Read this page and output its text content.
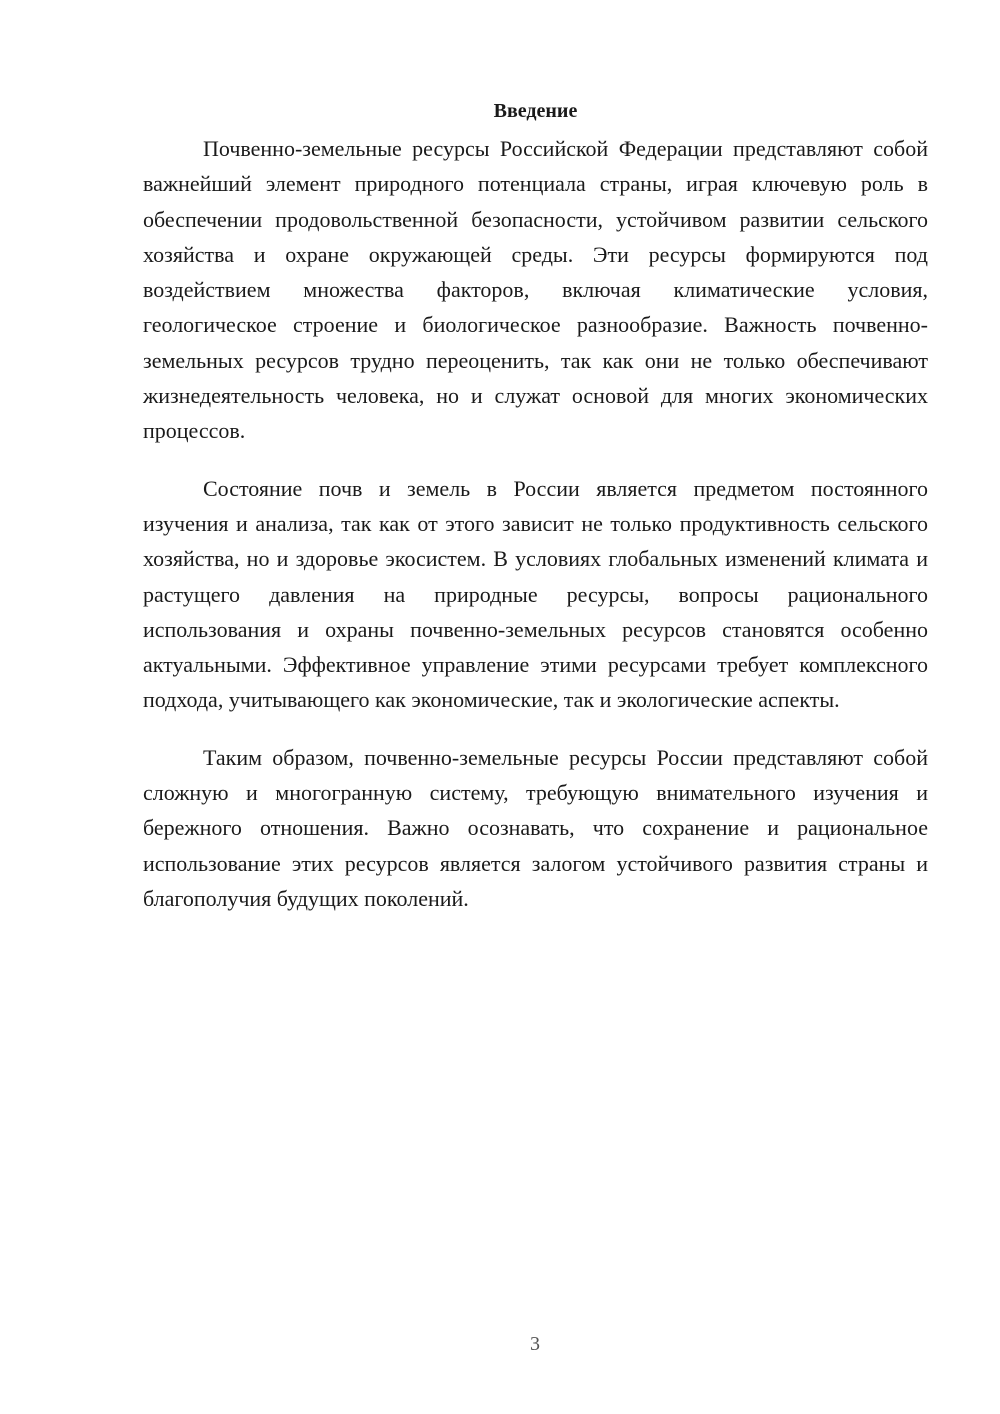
Введение

Почвенно-земельные ресурсы Российской Федерации представляют собой важнейший элемент природного потенциала страны, играя ключевую роль в обеспечении продовольственной безопасности, устойчивом развитии сельского хозяйства и охране окружающей среды. Эти ресурсы формируются под воздействием множества факторов, включая климатические условия, геологическое строение и биологическое разнообразие. Важность почвенно-земельных ресурсов трудно переоценить, так как они не только обеспечивают жизнедеятельность человека, но и служат основой для многих экономических процессов.

Состояние почв и земель в России является предметом постоянного изучения и анализа, так как от этого зависит не только продуктивность сельского хозяйства, но и здоровье экосистем. В условиях глобальных изменений климата и растущего давления на природные ресурсы, вопросы рационального использования и охраны почвенно-земельных ресурсов становятся особенно актуальными. Эффективное управление этими ресурсами требует комплексного подхода, учитывающего как экономические, так и экологические аспекты.

Таким образом, почвенно-земельные ресурсы России представляют собой сложную и многогранную систему, требующую внимательного изучения и бережного отношения. Важно осознавать, что сохранение и рациональное использование этих ресурсов является залогом устойчивого развития страны и благополучия будущих поколений.

3
